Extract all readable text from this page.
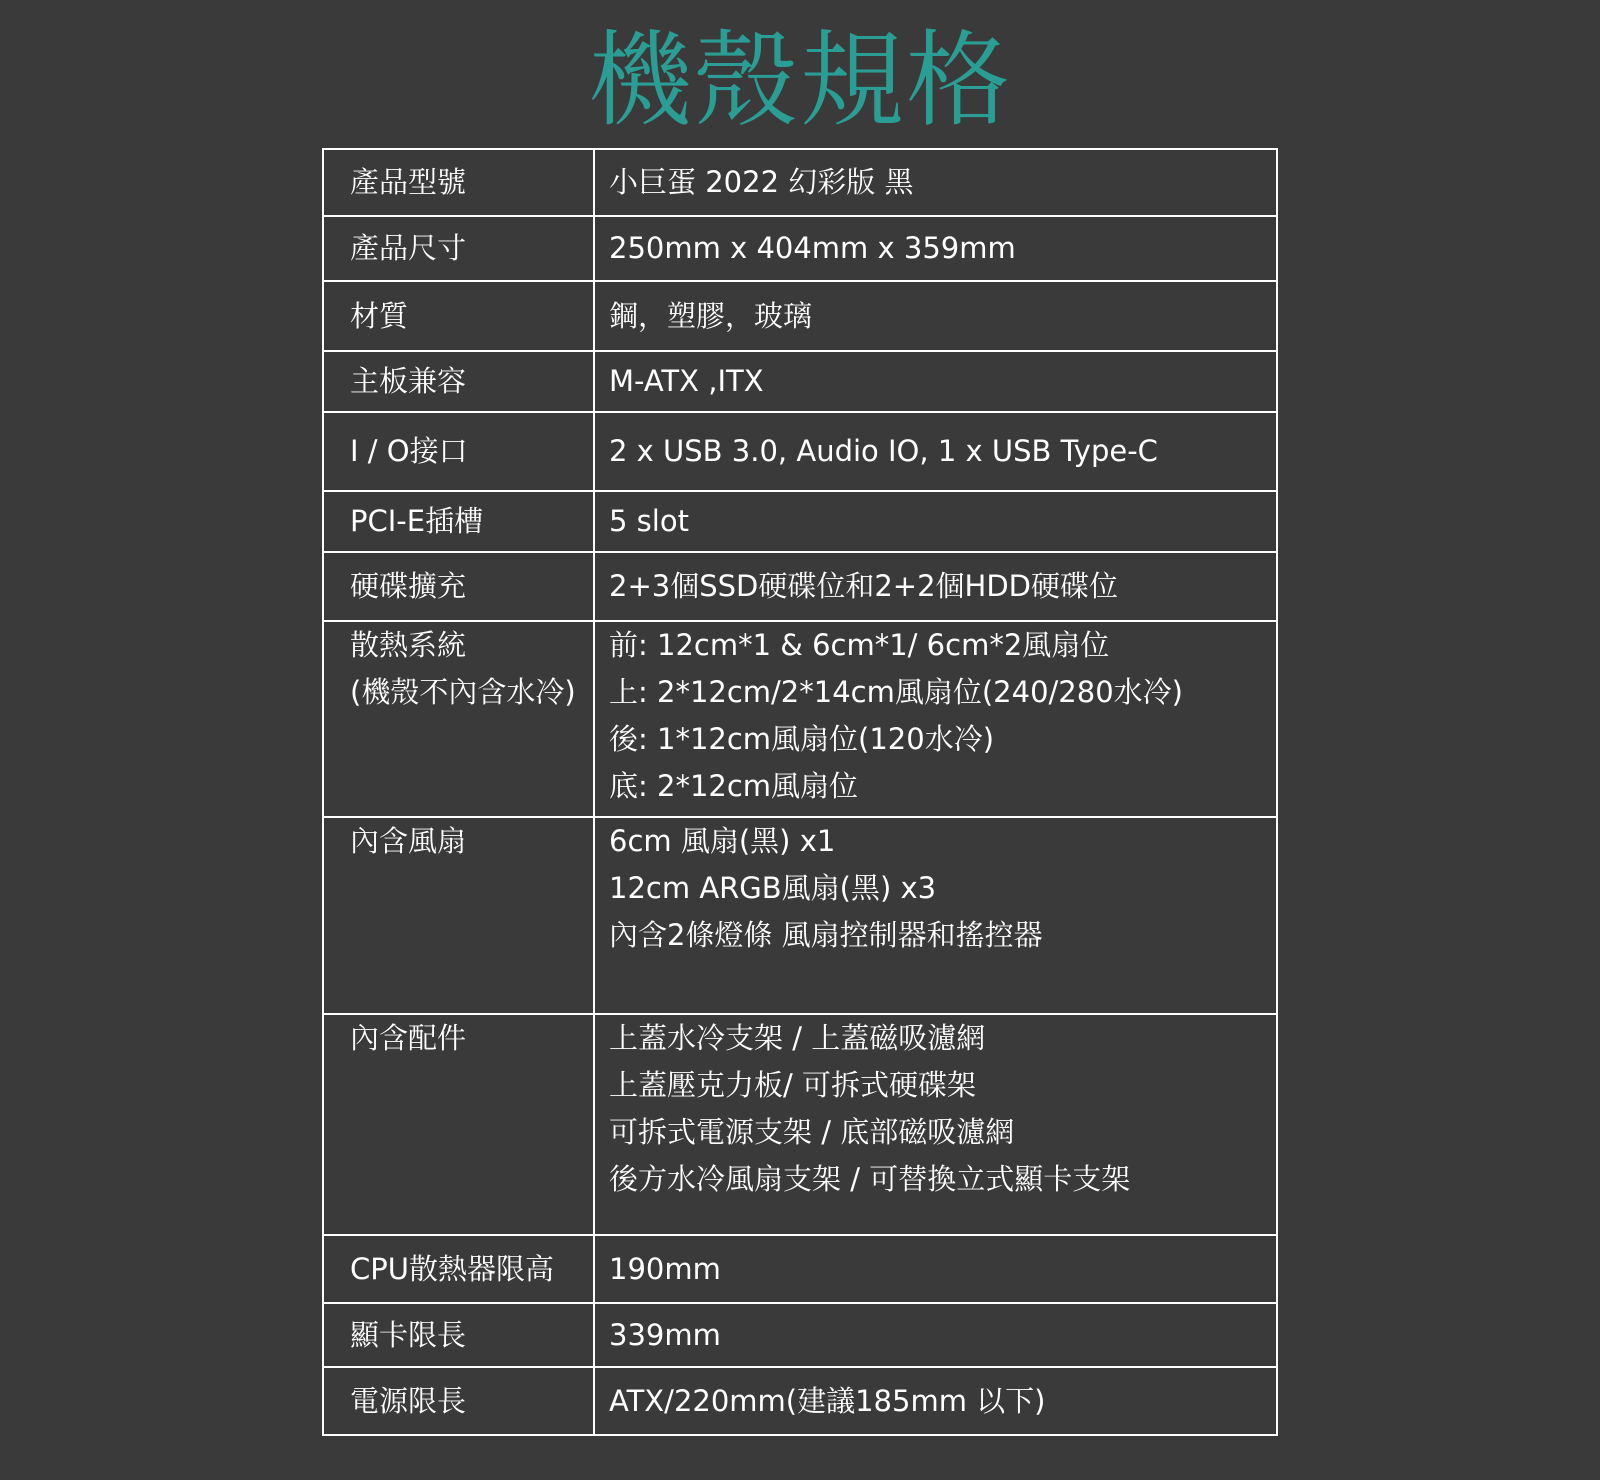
機殼規格
產品型號	小巨蛋 2022 幻彩版 黑

產品尺寸	250mm x 404mm x 359mm

材質	鋼，塑膠，玻璃

主板兼容	M-ATX ,ITX

I / O接口	2 x USB 3.0, Audio IO, 1 x USB Type-C

PCI-E插槽	5 slot

硬碟擴充	2+3個SSD硬碟位和2+2個HDD硬碟位

散熱系統
(機殼不內含水冷)	前: 12cm*1 & 6cm*1/ 6cm*2風扇位
上: 2*12cm/2*14cm風扇位(240/280水冷)
後: 1*12cm風扇位(120水冷)
底: 2*12cm風扇位

內含風扇	6cm 風扇(黑) x1
12cm ARGB風扇(黑) x3
內含2條燈條 風扇控制器和搖控器

內含配件	上蓋水冷支架 / 上蓋磁吸濾網
上蓋壓克力板/ 可拆式硬碟架
可拆式電源支架 / 底部磁吸濾網
後方水冷風扇支架 / 可替換立式顯卡支架

CPU散熱器限高	190mm

顯卡限長	339mm

電源限長	ATX/220mm(建議185mm 以下)
